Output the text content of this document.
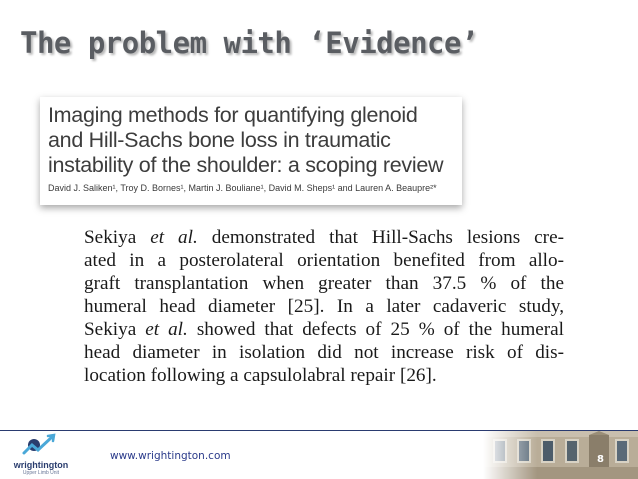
The problem with ‘Evidence’
Imaging methods for quantifying glenoid
and Hill-Sachs bone loss in traumatic
instability of the shoulder: a scoping review
David J. Saliken¹, Troy D. Bornes¹, Martin J. Bouliane¹, David M. Sheps¹ and Lauren A. Beaupre²*
Sekiya et al. demonstrated that Hill-Sachs lesions cre-
ated in a posterolateral orientation benefited from allo-
graft transplantation when greater than 37.5 % of the
humeral head diameter [25]. In a later cadaveric study,
Sekiya et al. showed that defects of 25 % of the humeral
head diameter in isolation did not increase risk of dis-
location following a capsulolabral repair [26].
wrightington
Upper Limb Unit
www.wrightington.com	8
